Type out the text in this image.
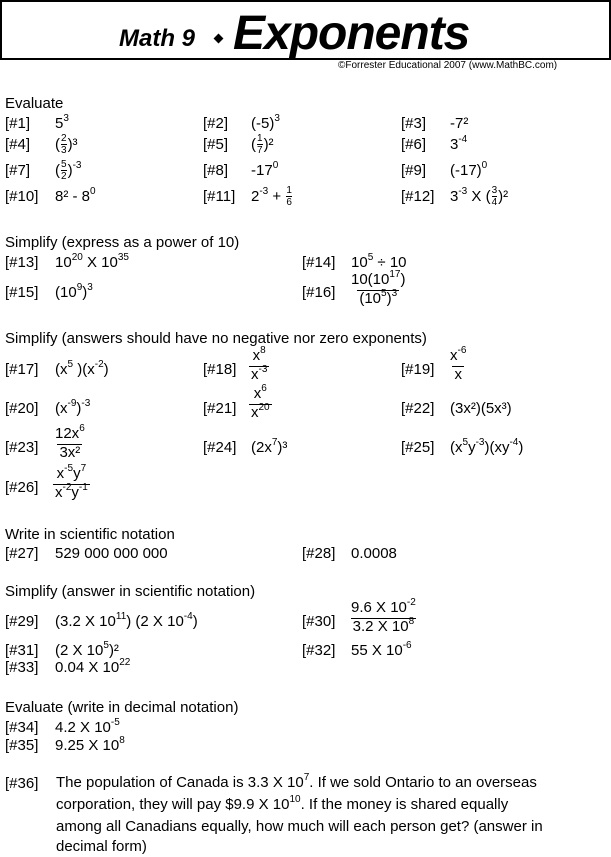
Math 9 Exponents
©Forrester Educational 2007 (www.MathBC.com)
Evaluate
[#1] $5^3$	[#2] $(-5)^3$	[#3] -7²
[#4] ( $\frac{2}{3} )^3$	[#5] ( $\frac{1}{7} )^2$	[#6] $3^{-4}$
[#7] ( $\frac{5}{2} )^{-3}$	[#8] $-17^0$	[#9] $(-17)^0$
[#10] $8^2 - 8^0$	[#11] $2^{-3} + \frac{1}{6}$	[#12] $3^{-3}$ X ( $\frac{3}{4} )^2$
Simplify (express as a power of 10)
[#13] $10^{20}$ X $10^{35}$	[#14] $10^5 \div 10$
[#15] $(10^9)^3$	[#16] $\frac{10(10^{17})}{(10^5)^3}$
Simplify (answers should have no negative nor zero exponents)
[#17] ($x^5$ )$(x^{-2})$	[#18] $\frac{x^8}{x^{-3}}$	[#19] $\frac{x^{-6}}{x}$
[#20] $(x^{-9})^{-3}$	[#21] $\frac{x^6}{x^{20}}$	[#22] (3x²)(5x³)
[#23] $\frac{12x^6}{\text{3x²}}$	[#24] $(2x^7)^3$	[#25] $(x^5y^{-3})(xy^{-4})$
[#26] $\frac{x^{-5}y^7}{x^{-2}y^{-1}}$
Write in scientific notation
[#27] 529 000 000 000	[#28] 0.0008
Simplify (answer in scientific notation)
[#29] (3.2 X $10^{11}$) (2 X $10^{-4}$)	[#30] $\frac{9.6 X 10^{-2}}{3.2 X 10^8}$
[#31] (2 X $10^5)^2$	[#32] 55 X $10^{-6}$
[#33] 0.04 X $10^{22}$
Evaluate (write in decimal notation)
[#34] 4.2 X $10^{-5}$
[#35] 9.25 X $10^8$
[#36] The population of Canada is 3.3 X $10^7$. If we sold Ontario to an overseas
corporation, they will pay $9.9 X $10^{10}$. If the money is shared equally
among all Canadians equally, how much will each person get? (answer in
decimal form)
